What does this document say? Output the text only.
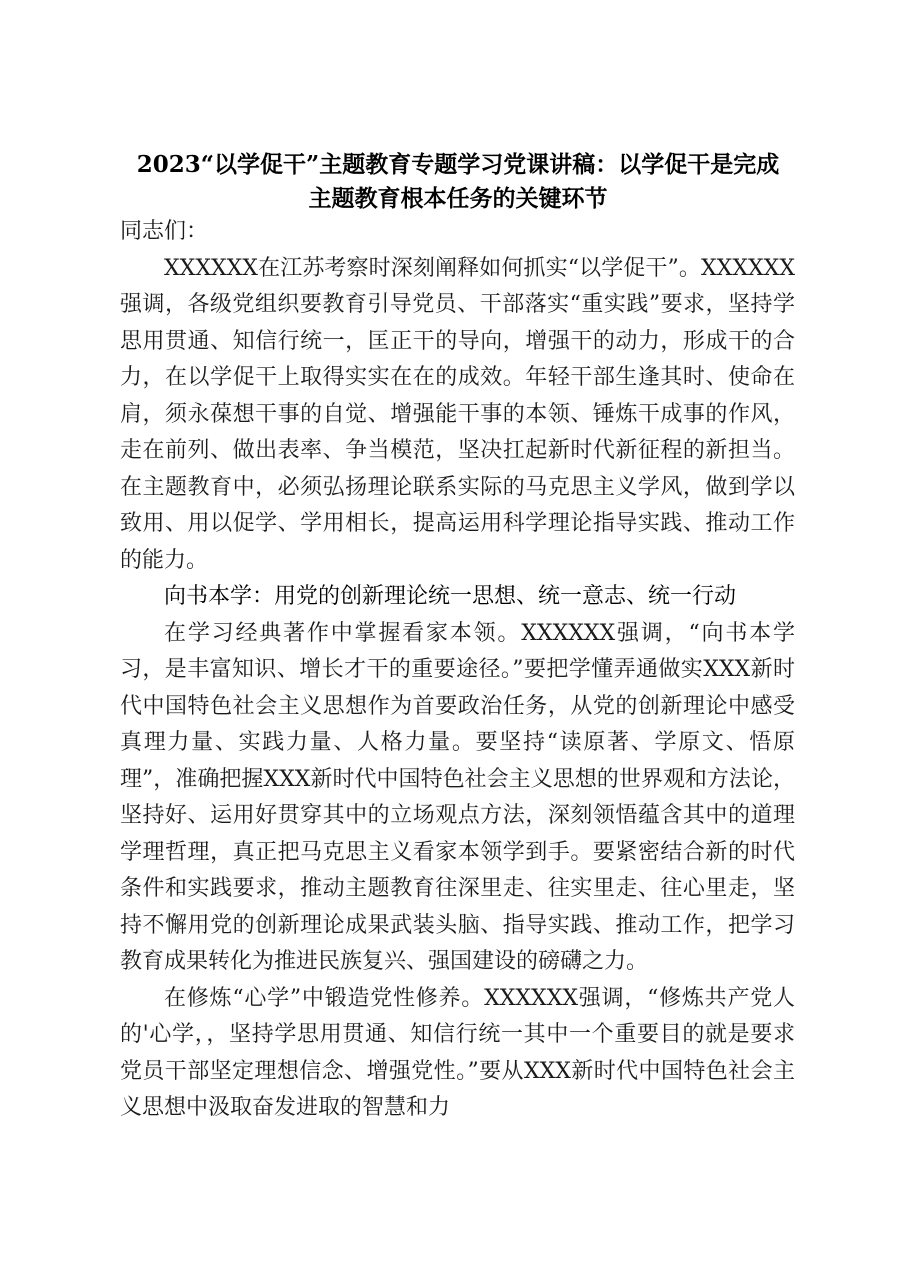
2023“以学促干”主题教育专题学习党课讲稿：以学促干是完成
主题教育根本任务的关键环节

同志们：

XXXXXX在江苏考察时深刻阐释如何抓实“以学促干”。XXXXXX强调，各级党组织要教育引导党员、干部落实“重实践”要求，坚持学思用贯通、知信行统一，匡正干的导向，增强干的动力，形成干的合力，在以学促干上取得实实在在的成效。年轻干部生逢其时、使命在肩，须永葆想干事的自觉、增强能干事的本领、锤炼干成事的作风，走在前列、做出表率、争当模范，坚决扛起新时代新征程的新担当。在主题教育中，必须弘扬理论联系实际的马克思主义学风，做到学以致用、用以促学、学用相长，提高运用科学理论指导实践、推动工作的能力。

向书本学：用党的创新理论统一思想、统一意志、统一行动

在学习经典著作中掌握看家本领。XXXXXX强调，“向书本学习，是丰富知识、增长才干的重要途径。”要把学懂弄通做实XXX新时代中国特色社会主义思想作为首要政治任务，从党的创新理论中感受真理力量、实践力量、人格力量。要坚持“读原著、学原文、悟原理”，准确把握XXX新时代中国特色社会主义思想的世界观和方法论，坚持好、运用好贯穿其中的立场观点方法，深刻领悟蕴含其中的道理学理哲理，真正把马克思主义看家本领学到手。要紧密结合新的时代条件和实践要求，推动主题教育往深里走、往实里走、往心里走，坚持不懈用党的创新理论成果武装头脑、指导实践、推动工作，把学习教育成果转化为推进民族复兴、强国建设的磅礴之力。

在修炼“心学”中锻造党性修养。XXXXXX强调，“修炼共产党人的'心学，，坚持学思用贯通、知信行统一其中一个重要目的就是要求党员干部坚定理想信念、增强党性。”要从XXX新时代中国特色社会主义思想中汲取奋发进取的智慧和力
